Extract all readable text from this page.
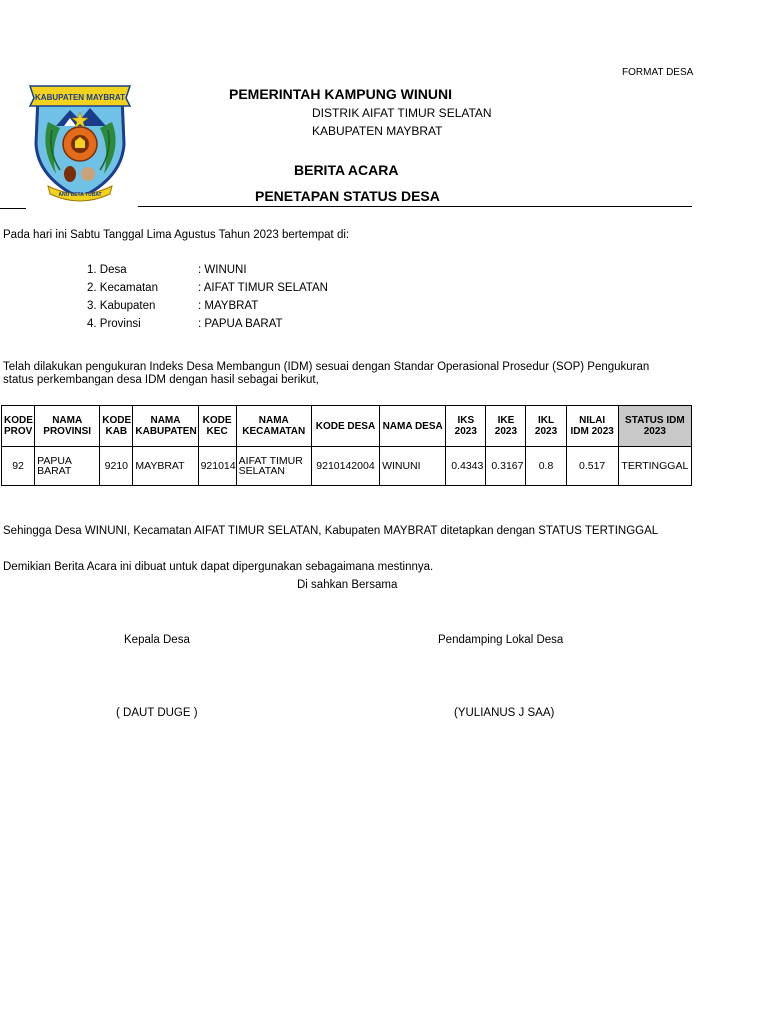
FORMAT DESA
KABUPATEN MAYBRAT
ANU BETA TUBAT
PEMERINTAH KAMPUNG WINUNI
DISTRIK AIFAT TIMUR SELATAN
KABUPATEN MAYBRAT
BERITA ACARA
PENETAPAN STATUS DESA
Pada hari ini Sabtu Tanggal Lima Agustus Tahun 2023 bertempat di:
1. Desa	: WINUNI
2. Kecamatan	: AIFAT TIMUR SELATAN
3. Kabupaten	: MAYBRAT
4. Provinsi	: PAPUA BARAT
Telah dilakukan pengukuran Indeks Desa Membangun (IDM) sesuai dengan Standar Operasional Prosedur (SOP) Pengukuran
status perkembangan desa IDM dengan hasil sebagai berikut,
KODE PROV	NAMA PROVINSI	KODE KAB	NAMA KABUPATEN	KODE KEC	NAMA KECAMATAN	KODE DESA	NAMA DESA	IKS 2023	IKE 2023	IKL 2023	NILAI IDM 2023	STATUS IDM 2023
92	PAPUA BARAT	9210	MAYBRAT	921014	AIFAT TIMUR SELATAN	9210142004	WINUNI	0.4343	0.3167	0.8	0.517	TERTINGGAL
Sehingga Desa WINUNI, Kecamatan AIFAT TIMUR SELATAN, Kabupaten MAYBRAT ditetapkan dengan STATUS TERTINGGAL
Demikian Berita Acara ini dibuat untuk dapat dipergunakan sebagaimana mestinnya.
Di sahkan Bersama
Kepala Desa	Pendamping Lokal Desa
( DAUT DUGE )	(YULIANUS J SAA)
